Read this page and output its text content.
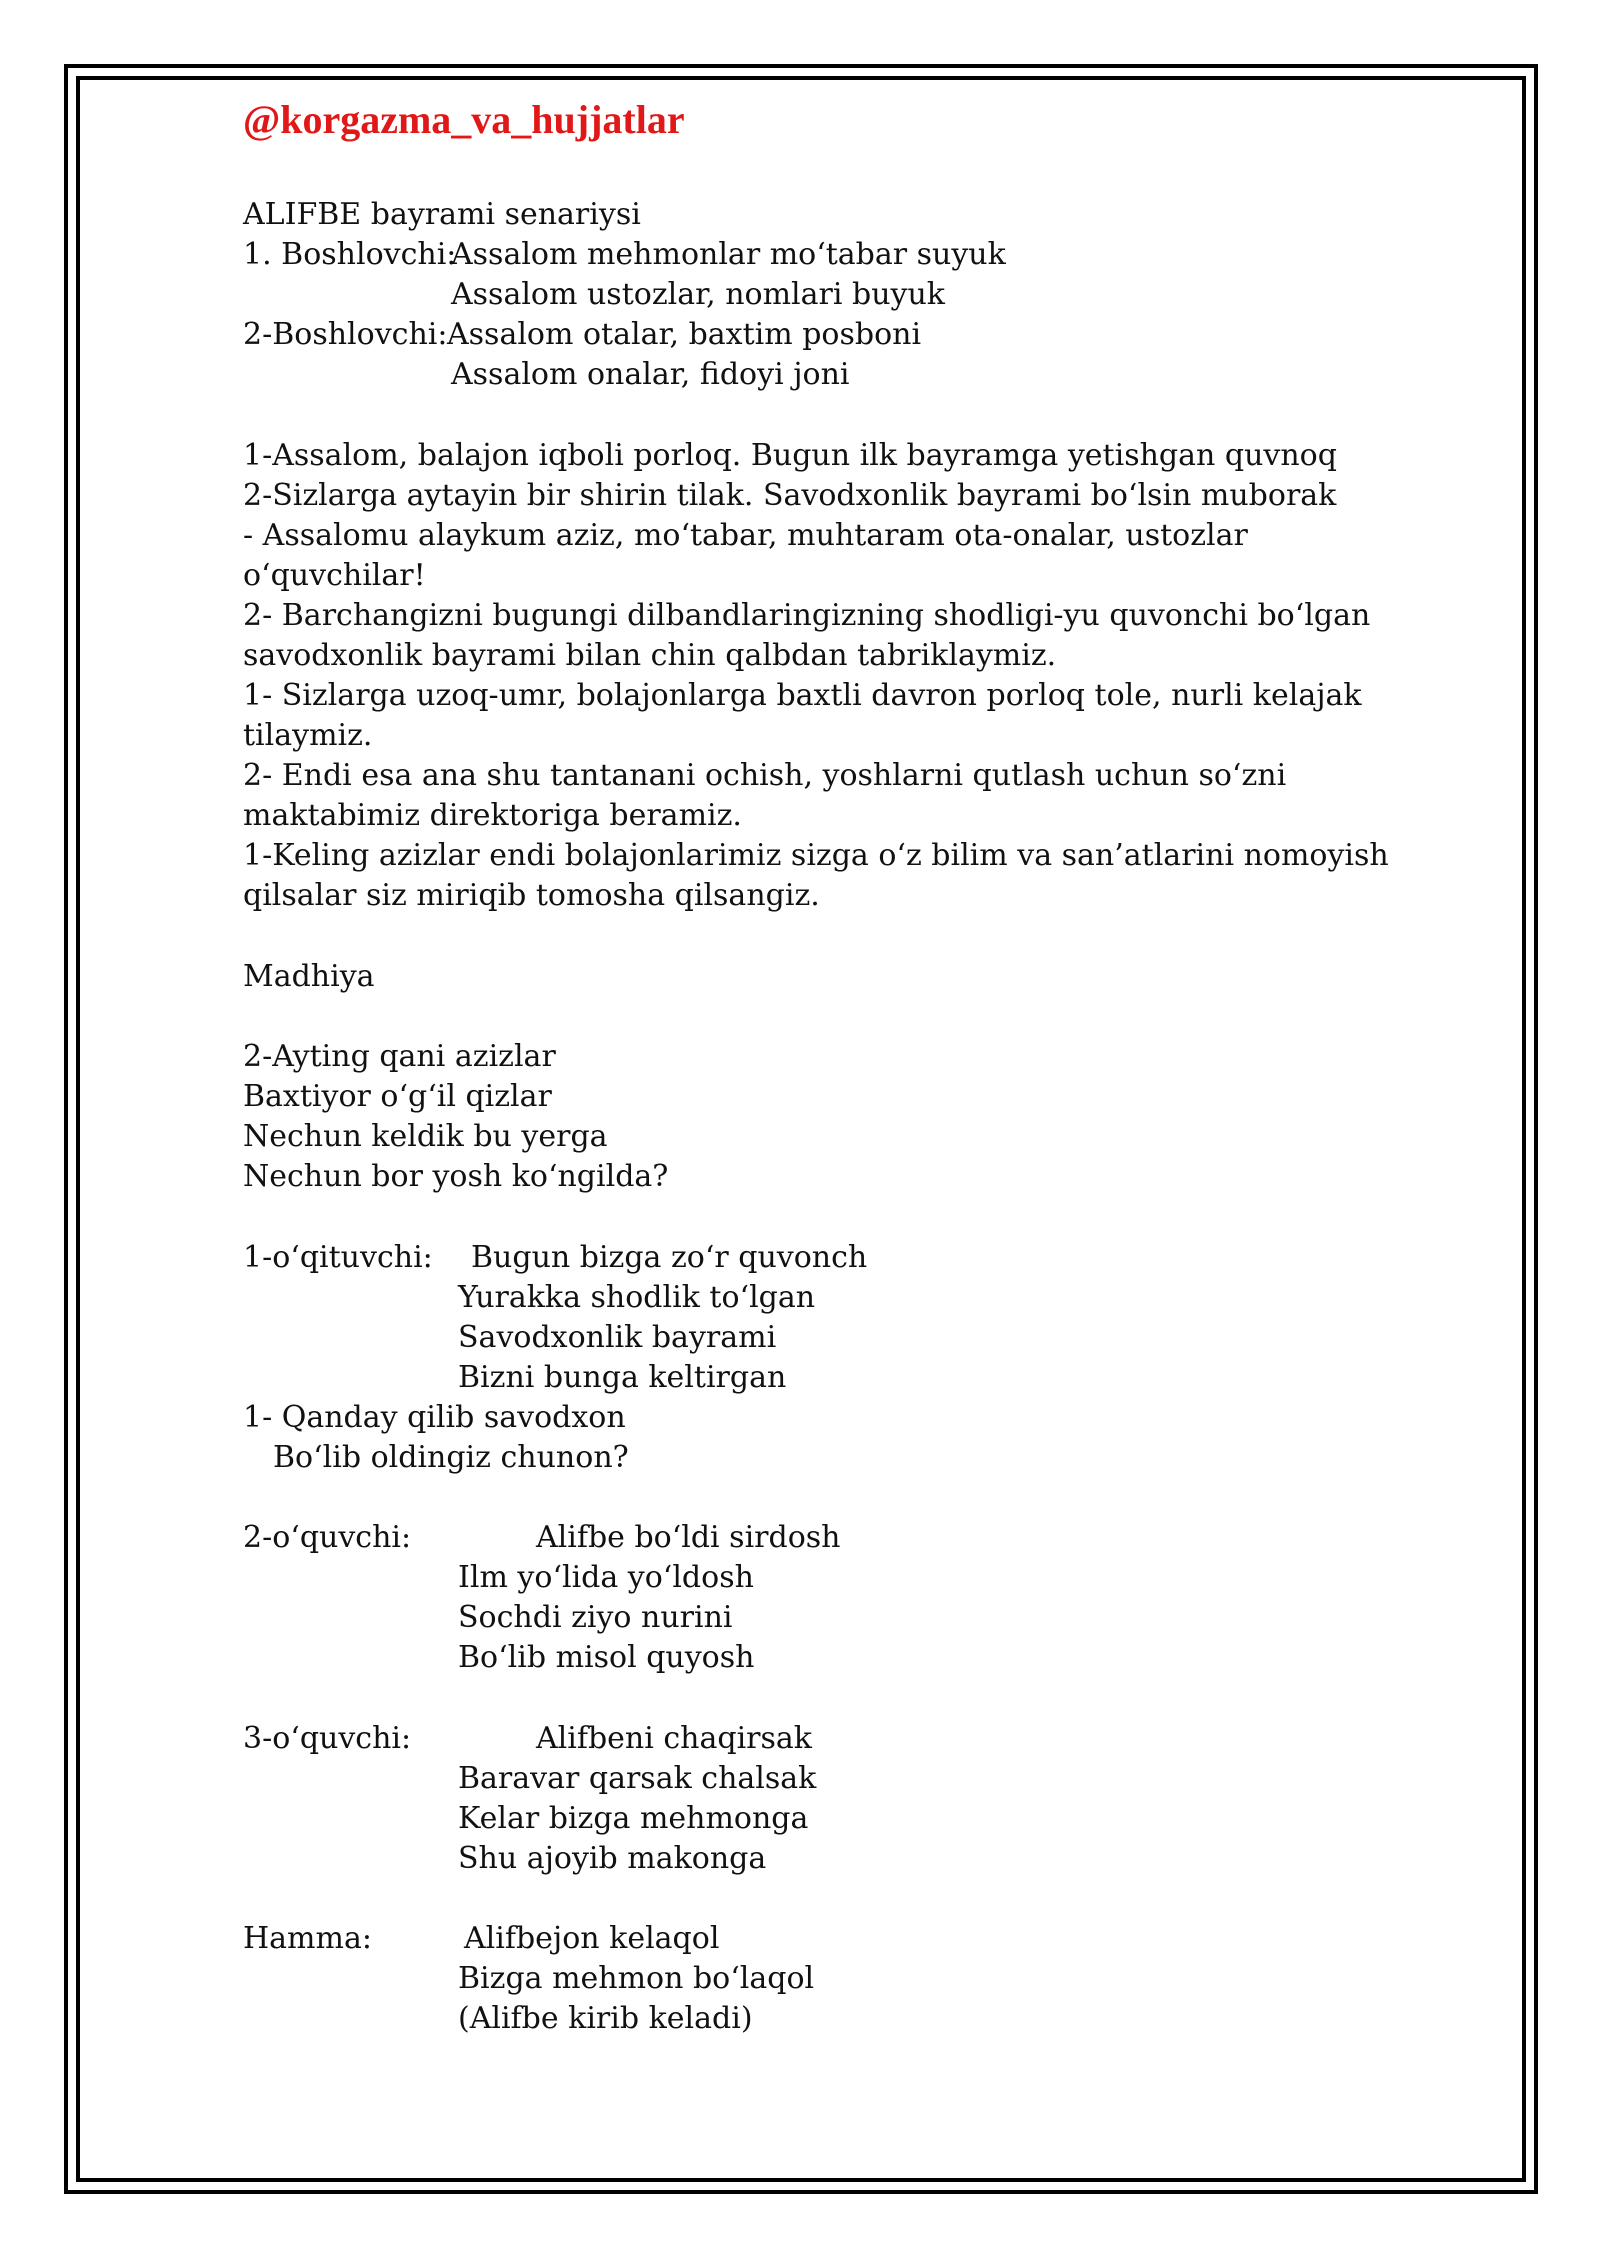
@korgazma_va_hujjatlar
ALIFBE bayrami senariysi
1. Boshlovchi:
Assalom mehmonlar mo‘tabar suyuk
Assalom ustozlar, nomlari buyuk
2-Boshlovchi: Assalom otalar, baxtim posboni
Assalom onalar, fidoyi joni
1-Assalom, balajon iqboli porloq. Bugun ilk bayramga yetishgan quvnoq
2-Sizlarga aytayin bir shirin tilak. Savodxonlik bayrami bo‘lsin muborak
- Assalomu alaykum aziz, mo‘tabar, muhtaram ota-onalar, ustozlar
o‘quvchilar!
2- Barchangizni bugungi dilbandlaringizning shodligi-yu quvonchi bo‘lgan
savodxonlik bayrami bilan chin qalbdan tabriklaymiz.
1- Sizlarga uzoq-umr, bolajonlarga baxtli davron porloq tole, nurli kelajak
tilaymiz.
2- Endi esa ana shu tantanani ochish, yoshlarni qutlash uchun so‘zni
maktabimiz direktoriga beramiz.
1-Keling azizlar endi bolajonlarimiz sizga o‘z bilim va san’atlarini nomoyish
qilsalar siz miriqib tomosha qilsangiz.
Madhiya
2-Ayting qani azizlar
Baxtiyor o‘g‘il qizlar
Nechun keldik bu yerga
Nechun bor yosh ko‘ngilda?
1-o‘qituvchi: Bugun bizga zo‘r quvonch
Yurakka shodlik to‘lgan
Savodxonlik bayrami
Bizni bunga keltirgan
1- Qanday qilib savodxon
Bo‘lib oldingiz chunon?
2-o‘quvchi:	Alifbe bo‘ldi sirdosh
Ilm yo‘lida yo‘ldosh
Sochdi ziyo nurini
Bo‘lib misol quyosh
3-o‘quvchi:	Alifbeni chaqirsak
Baravar qarsak chalsak
Kelar bizga mehmonga
Shu ajoyib makonga
Hamma:	Alifbejon kelaqol
Bizga mehmon bo‘laqol
(Alifbe kirib keladi)
